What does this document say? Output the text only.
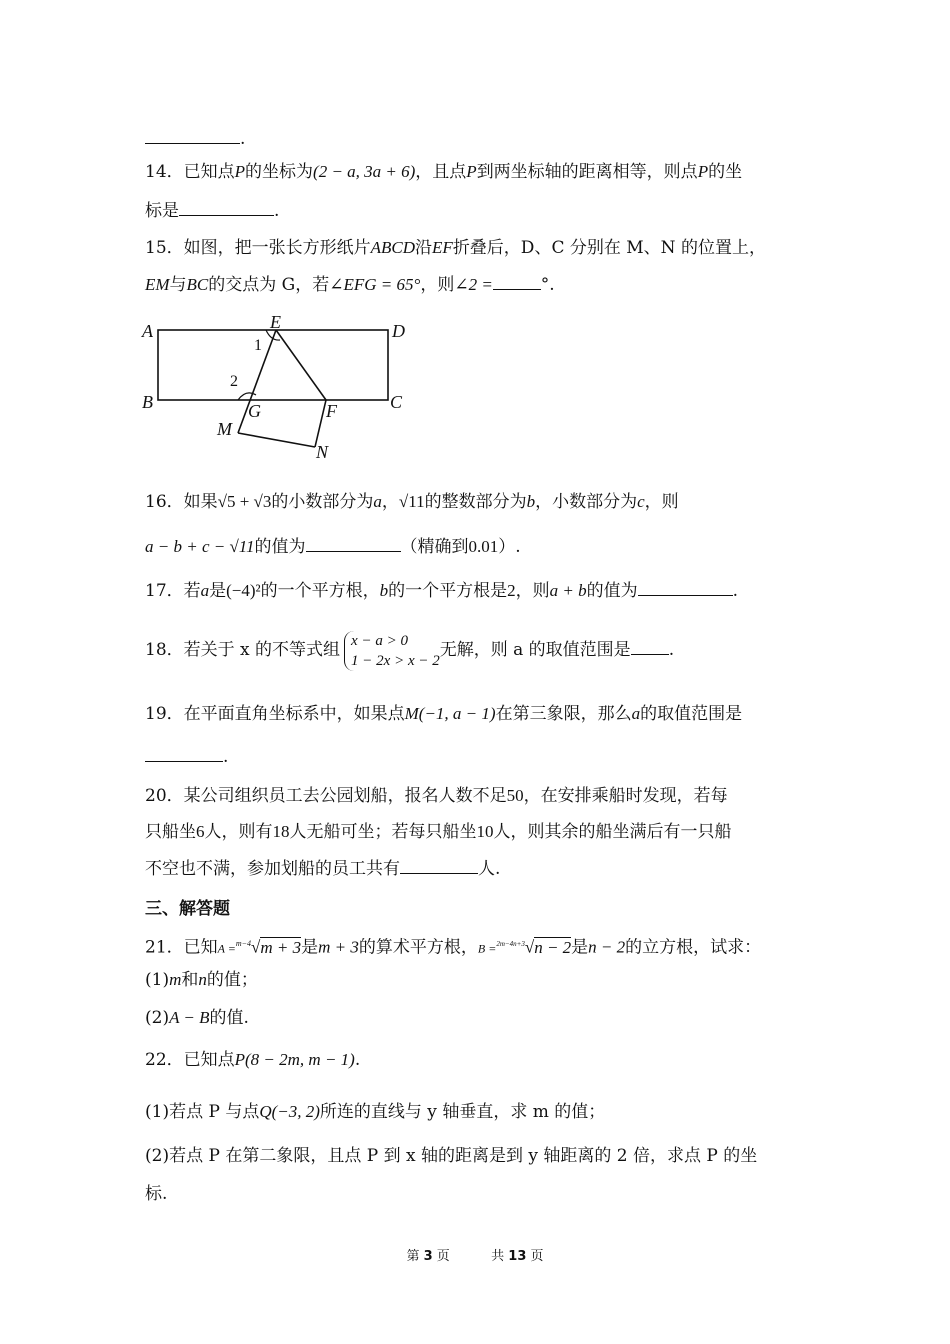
.
14．已知点P的坐标为(2 − a, 3a + 6)，且点P到两坐标轴的距离相等，则点P的坐
标是	.
15．如图，把一张长方形纸片ABCD沿EF折叠后，D、C 分别在 M、N 的位置上，
EM与BC的交点为 G，若∠EFG = 65°，则∠2 =	°.
A	D
B	C
E
G	F
M
N
1
2
16．如果√5 + √3的小数部分为a，√11的整数部分为b，小数部分为c，则
a − b + c − √11的值为	（精确到0.01）.
17．若a是(−4)²的一个平方根，b的一个平方根是2，则a + b的值为	.
18．若关于 x 的不等式组 x − a > 0
1 − 2x > x − 2
无解，则 a 的取值范围是 .
19．在平面直角坐标系中，如果点M(−1, a − 1)在第三象限，那么a的取值范围是
.
20．某公司组织员工去公园划船，报名人数不足50，在安排乘船时发现，若每
只船坐6人，则有18人无船可坐；若每只船坐10人，则其余的船坐满后有一只船
不空也不满，参加划船的员工共有	人.
三、解答题
21．已知A =$^{m-4}$√m + 3是m + 3的算术平方根，B =$^{2m-4n+3}$√n − 2是n − 2的立方根，试求：
(1)m和n的值；
(2)A − B的值.
22．已知点P(8 − 2m, m − 1).
(1)若点 P 与点Q(−3, 2)所连的直线与 y 轴垂直，求 m 的值；
(2)若点 P 在第二象限，且点 P 到 x 轴的距离是到 y 轴距离的 2 倍，求点 P 的坐
标.
第 3 页	共 13 页
